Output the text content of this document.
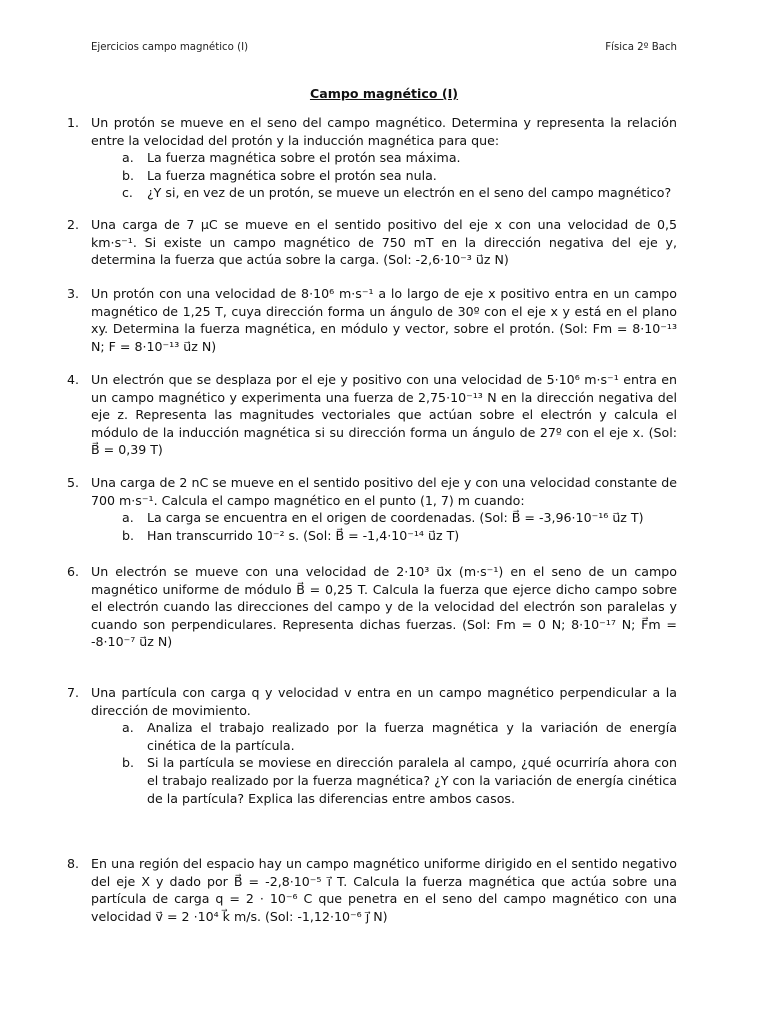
Ejercicios campo magnético (I)	Física 2º Bach
Campo magnético (I)
1. Un protón se mueve en el seno del campo magnético. Determina y representa la relación entre la velocidad del protón y la inducción magnética para que:

a. La fuerza magnética sobre el protón sea máxima.
b. La fuerza magnética sobre el protón sea nula.
c. ¿Y si, en vez de un protón, se mueve un electrón en el seno del campo magnético?
2. Una carga de 7 μC se mueve en el sentido positivo del eje x con una velocidad de 0,5 km·s⁻¹. Si existe un campo magnético de 750 mT en la dirección negativa del eje y, determina la fuerza que actúa sobre la carga. (Sol: -2,6·10⁻³ u⃗z N)

3. Un protón con una velocidad de 8·10⁶ m·s⁻¹ a lo largo de eje x positivo entra en un campo magnético de 1,25 T, cuya dirección forma un ángulo de 30º con el eje x y está en el plano xy. Determina la fuerza magnética, en módulo y vector, sobre el protón. (Sol: Fm = 8·10⁻¹³ N; F = 8·10⁻¹³ u⃗z N)

4. Un electrón que se desplaza por el eje y positivo con una velocidad de 5·10⁶ m·s⁻¹ entra en un campo magnético y experimenta una fuerza de 2,75·10⁻¹³ N en la dirección negativa del eje z. Representa las magnitudes vectoriales que actúan sobre el electrón y calcula el módulo de la inducción magnética si su dirección forma un ángulo de 27º con el eje x. (Sol: B⃗ = 0,39 T)

5. Una carga de 2 nC se mueve en el sentido positivo del eje y con una velocidad constante de 700 m·s⁻¹. Calcula el campo magnético en el punto (1, 7) m cuando:

a. La carga se encuentra en el origen de coordenadas. (Sol: B⃗ = -3,96·10⁻¹⁶ u⃗z T)
b. Han transcurrido 10⁻² s. (Sol: B⃗ = -1,4·10⁻¹⁴ u⃗z T)
6. Un electrón se mueve con una velocidad de 2·10³ u⃗x (m·s⁻¹) en el seno de un campo magnético uniforme de módulo B⃗ = 0,25 T. Calcula la fuerza que ejerce dicho campo sobre el electrón cuando las direcciones del campo y de la velocidad del electrón son paralelas y cuando son perpendiculares. Representa dichas fuerzas. (Sol: Fm = 0 N; 8·10⁻¹⁷ N; F⃗m = -8·10⁻⁷ u⃗z N)

7. Una partícula con carga q y velocidad v entra en un campo magnético perpendicular a la dirección de movimiento.

a. Analiza el trabajo realizado por la fuerza magnética y la variación de energía cinética de la partícula.
b. Si la partícula se moviese en dirección paralela al campo, ¿qué ocurriría ahora con el trabajo realizado por la fuerza magnética? ¿Y con la variación de energía cinética de la partícula? Explica las diferencias entre ambos casos.
8. En una región del espacio hay un campo magnético uniforme dirigido en el sentido negativo del eje X y dado por B⃗ = -2,8·10⁻⁵ i⃗ T. Calcula la fuerza magnética que actúa sobre una partícula de carga q = 2 · 10⁻⁶ C que penetra en el seno del campo magnético con una velocidad v⃗ = 2 ·10⁴ k⃗ m/s. (Sol: -1,12·10⁻⁶ j⃗ N)
